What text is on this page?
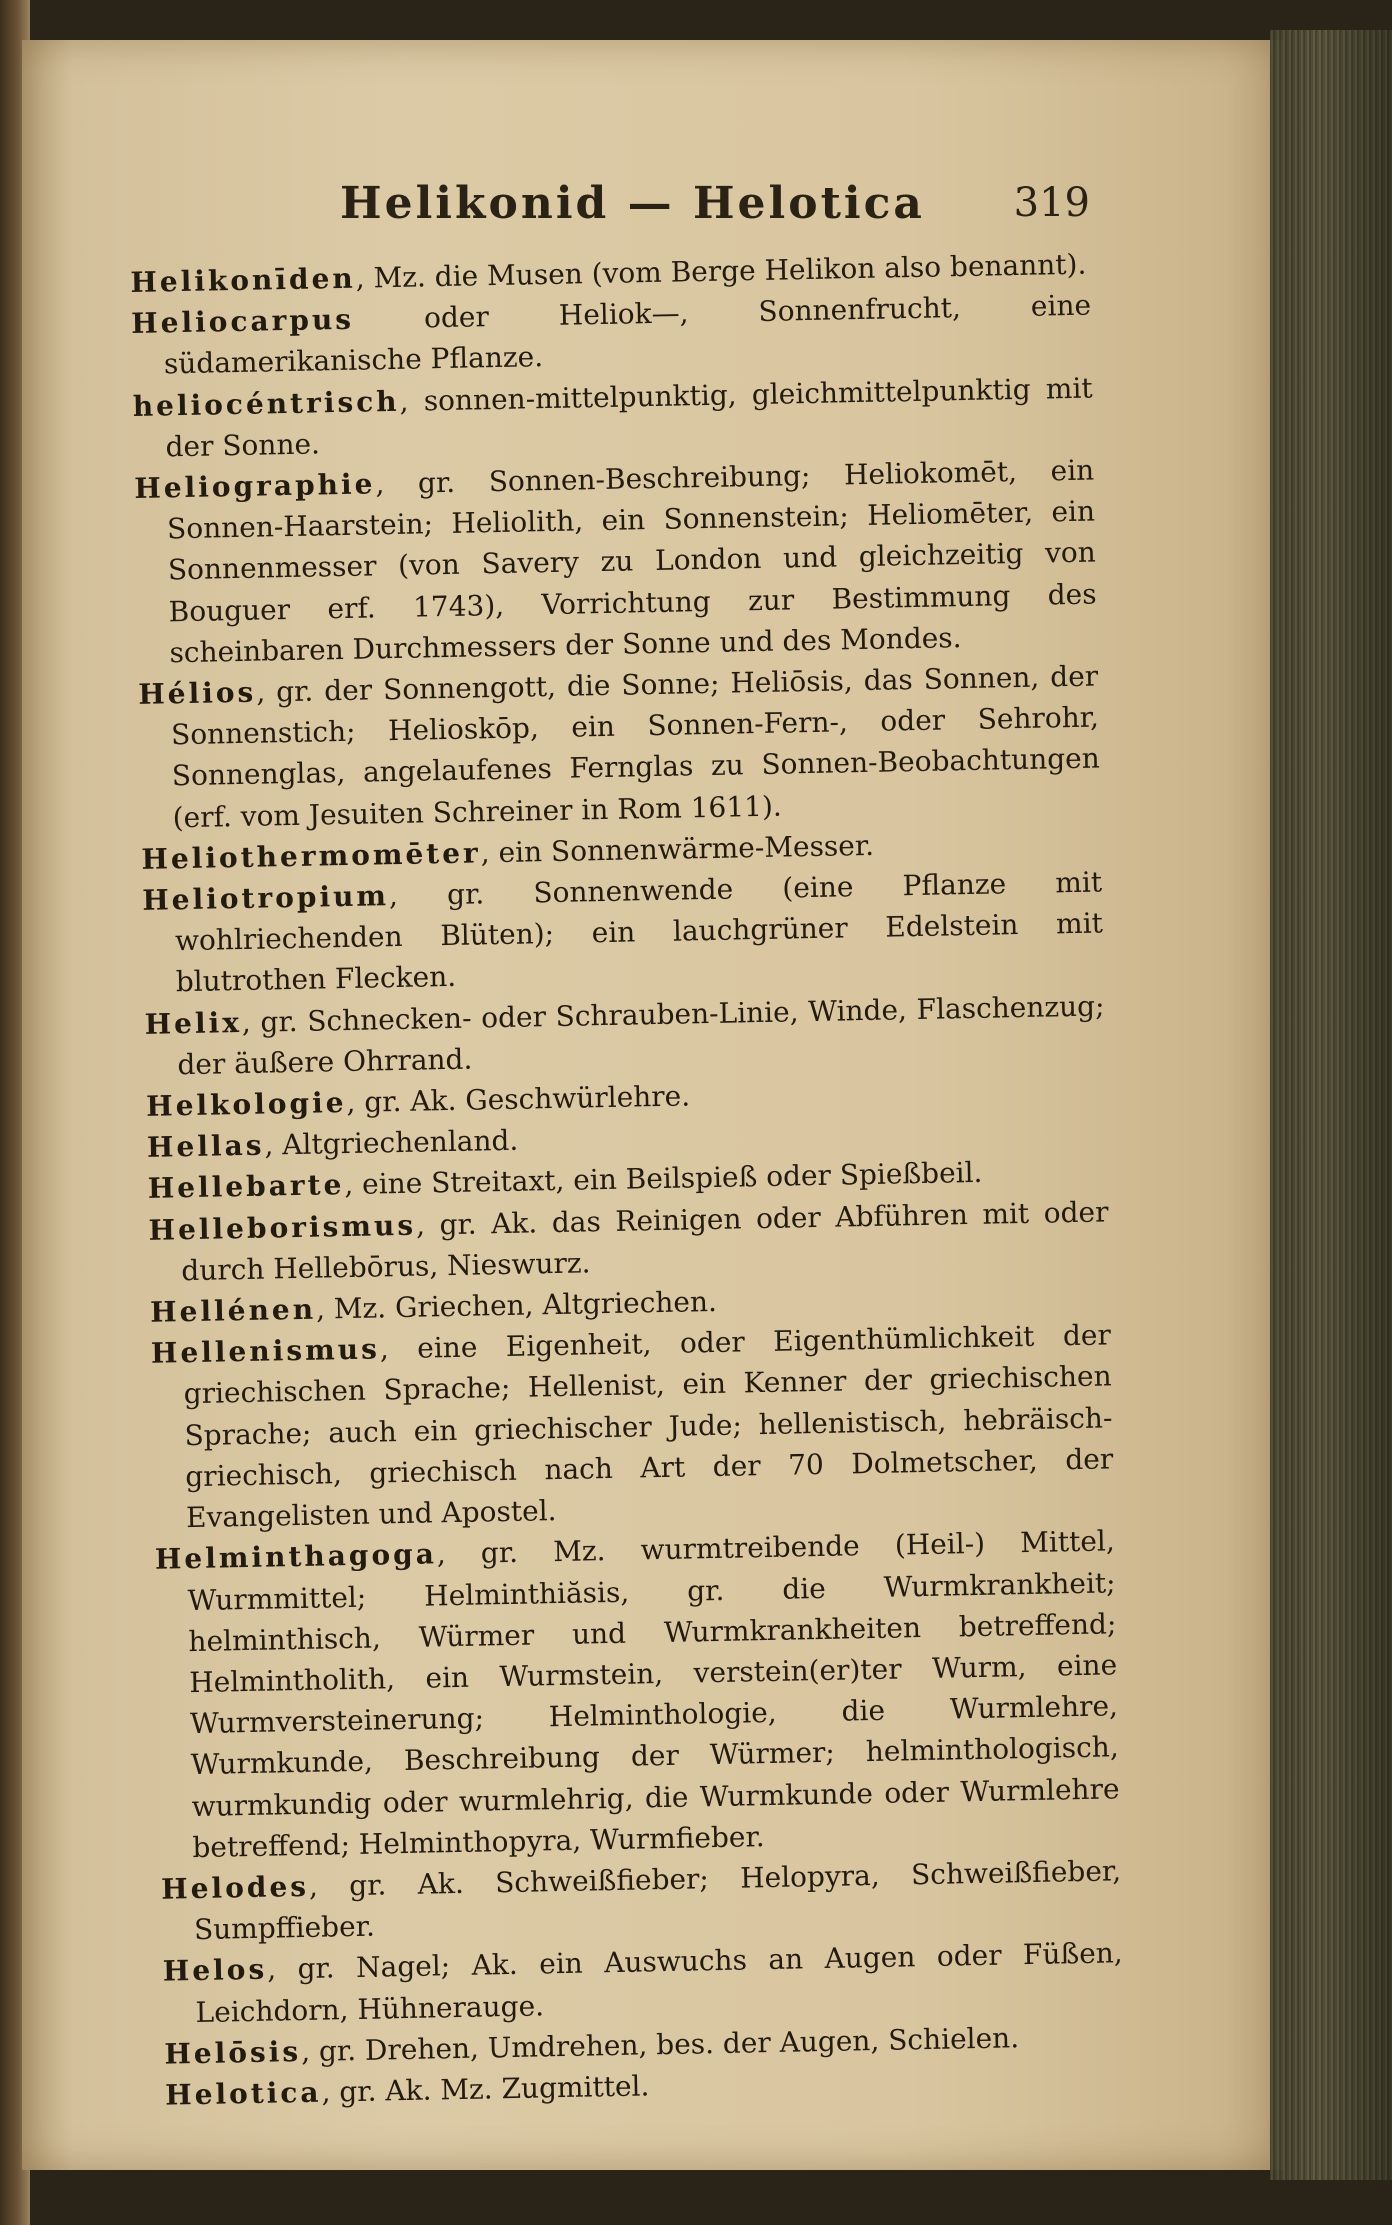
Helikonid — Helotica 319

Helikonīden, Mz. die Musen (vom Berge Helikon also benannt).

Heliocarpus oder Heliok—, Sonnenfrucht, eine südamerikanische Pflanze.

heliocéntrisch, sonnen-mittelpunktig, gleichmittelpunktig mit der Sonne.

Heliographie, gr. Sonnen-Beschreibung; Heliokomēt, ein Sonnen-Haarstein; Heliolith, ein Sonnenstein; Heliomēter, ein Sonnenmesser (von Savery zu London und gleichzeitig von Bouguer erf. 1743), Vorrichtung zur Bestimmung des scheinbaren Durchmessers der Sonne und des Mondes.

Hélios, gr. der Sonnengott, die Sonne; Heliōsis, das Sonnen, der Sonnenstich; Helioskōp, ein Sonnen-Fern-, oder Sehrohr, Sonnenglas, angelaufenes Fernglas zu Sonnen-Beobachtungen (erf. vom Jesuiten Schreiner in Rom 1611).

Heliothermomēter, ein Sonnenwärme-Messer.

Heliotropium, gr. Sonnenwende (eine Pflanze mit wohlriechenden Blüten); ein lauchgrüner Edelstein mit blutrothen Flecken.

Helix, gr. Schnecken- oder Schrauben-Linie, Winde, Flaschenzug; der äußere Ohrrand.

Helkologie, gr. Ak. Geschwürlehre.

Hellas, Altgriechenland.

Hellebarte, eine Streitaxt, ein Beilspieß oder Spießbeil.

Helleborismus, gr. Ak. das Reinigen oder Abführen mit oder durch Hellebōrus, Nieswurz.

Hellénen, Mz. Griechen, Altgriechen.

Hellenismus, eine Eigenheit, oder Eigenthümlichkeit der griechischen Sprache; Hellenist, ein Kenner der griechischen Sprache; auch ein griechischer Jude; hellenistisch, hebräisch-griechisch, griechisch nach Art der 70 Dolmetscher, der Evangelisten und Apostel.

Helminthagoga, gr. Mz. wurmtreibende (Heil-) Mittel, Wurmmittel; Helminthiăsis, gr. die Wurmkrankheit; helminthisch, Würmer und Wurmkrankheiten betreffend; Helmintholith, ein Wurmstein, verstein(er)ter Wurm, eine Wurmversteinerung; Helminthologie, die Wurmlehre, Wurmkunde, Beschreibung der Würmer; helminthologisch, wurmkundig oder wurmlehrig, die Wurmkunde oder Wurmlehre betreffend; Helminthopyra, Wurmfieber.

Helodes, gr. Ak. Schweißfieber; Helopyra, Schweißfieber, Sumpffieber.

Helos, gr. Nagel; Ak. ein Auswuchs an Augen oder Füßen, Leichdorn, Hühnerauge.

Helōsis, gr. Drehen, Umdrehen, bes. der Augen, Schielen.

Helotica, gr. Ak. Mz. Zugmittel.
